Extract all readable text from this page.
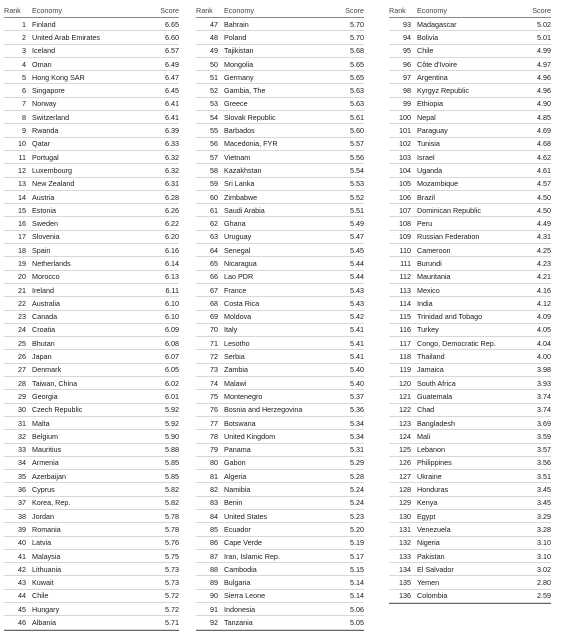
Rank	Economy	Score
1 Finland	6.65
2 United Arab Emirates	6.60
3 Iceland	6.57
4 Oman	6.49
5 Hong Kong SAR	6.47
6 Singapore	6.45
7 Norway	6.41
8 Switzerland	6.41
9 Rwanda	6.39
10 Qatar	6.33
11 Portugal	6.32
12 Luxembourg	6.32
13 New Zealand	6.31
14 Austria	6.28
15 Estonia	6.26
16 Sweden	6.22
17 Slovenia	6.20
18 Spain	6.16
19 Netherlands	6.14
20 Morocco	6.13
21 Ireland	6.11
22 Australia	6.10
23 Canada	6.10
24 Croatia	6.09
25 Bhutan	6.08
26 Japan	6.07
27 Denmark	6.05
28 Taiwan, China	6.02
29 Georgia	6.01
30 Czech Republic	5.92
31 Malta	5.92
32 Belgium	5.90
33 Mauritius	5.88
34 Armenia	5.85
35 Azerbaijan	5.85
36 Cyprus	5.82
37 Korea, Rep.	5.82
38 Jordan	5.78
39 Romania	5.78
40 Latvia	5.76
41 Malaysia	5.75
42 Lithuania	5.73
43 Kuwait	5.73
44 Chile	5.72
45 Hungary	5.72
46 Albania	5.71
Rank	Economy	Score
47 Bahrain	5.70
48 Poland	5.70
49 Tajikistan	5.68
50 Mongolia	5.65
51 Germany	5.65
52 Gambia, The	5.63
53 Greece	5.63
54 Slovak Republic	5.61
55 Barbados	5.60
56 Macedonia, FYR	5.57
57 Vietnam	5.56
58 Kazakhstan	5.54
59 Sri Lanka	5.53
60 Zimbabwe	5.52
61 Saudi Arabia	5.51
62 Ghana	5.49
63 Uruguay	5.47
64 Senegal	5.45
65 Nicaragua	5.44
66 Lao PDR	5.44
67 France	5.43
68 Costa Rica	5.43
69 Moldova	5.42
70 Italy	5.41
71 Lesotho	5.41
72 Serbia	5.41
73 Zambia	5.40
74 Malawi	5.40
75 Montenegro	5.37
76 Bosnia and Herzegovina	5.36
77 Botswana	5.34
78 United Kingdom	5.34
79 Panama	5.31
80 Gabon	5.29
81 Algeria	5.28
82 Namibia	5.24
83 Benin	5.24
84 United States	5.23
85 Ecuador	5.20
86 Cape Verde	5.19
87 Iran, Islamic Rep.	5.17
88 Cambodia	5.15
89 Bulgaria	5.14
90 Sierra Leone	5.14
91 Indonesia	5.06
92 Tanzania	5.05
Rank	Economy	Score
93 Madagascar	5.02
94 Bolivia	5.01
95 Chile	4.99
96 Côte d'Ivoire	4.97
97 Argentina	4.96
98 Kyrgyz Republic	4.96
99 Ethiopia	4.90
100 Nepal	4.85
101 Paraguay	4.69
102 Tunisia	4.68
103 Israel	4.62
104 Uganda	4.61
105 Mozambique	4.57
106 Brazil	4.50
107 Dominican Republic	4.50
108 Peru	4.49
109 Russian Federation	4.31
110 Cameroon	4.25
111 Burundi	4.23
112 Mauritania	4.21
113 Mexico	4.16
114 India	4.12
115 Trinidad and Tobago	4.09
116 Turkey	4.05
117 Congo, Democratic Rep.	4.04
118 Thailand	4.00
119 Jamaica	3.98
120 South Africa	3.93
121 Guatemala	3.74
122 Chad	3.74
123 Bangladesh	3.69
124 Mali	3.59
125 Lebanon	3.57
126 Philippines	3.56
127 Ukraine	3.51
128 Honduras	3.45
129 Kenya	3.45
130 Egypt	3.29
131 Venezuela	3.28
132 Nigeria	3.10
133 Pakistan	3.10
134 El Salvador	3.02
135 Yemen	2.80
136 Colombia	2.59
